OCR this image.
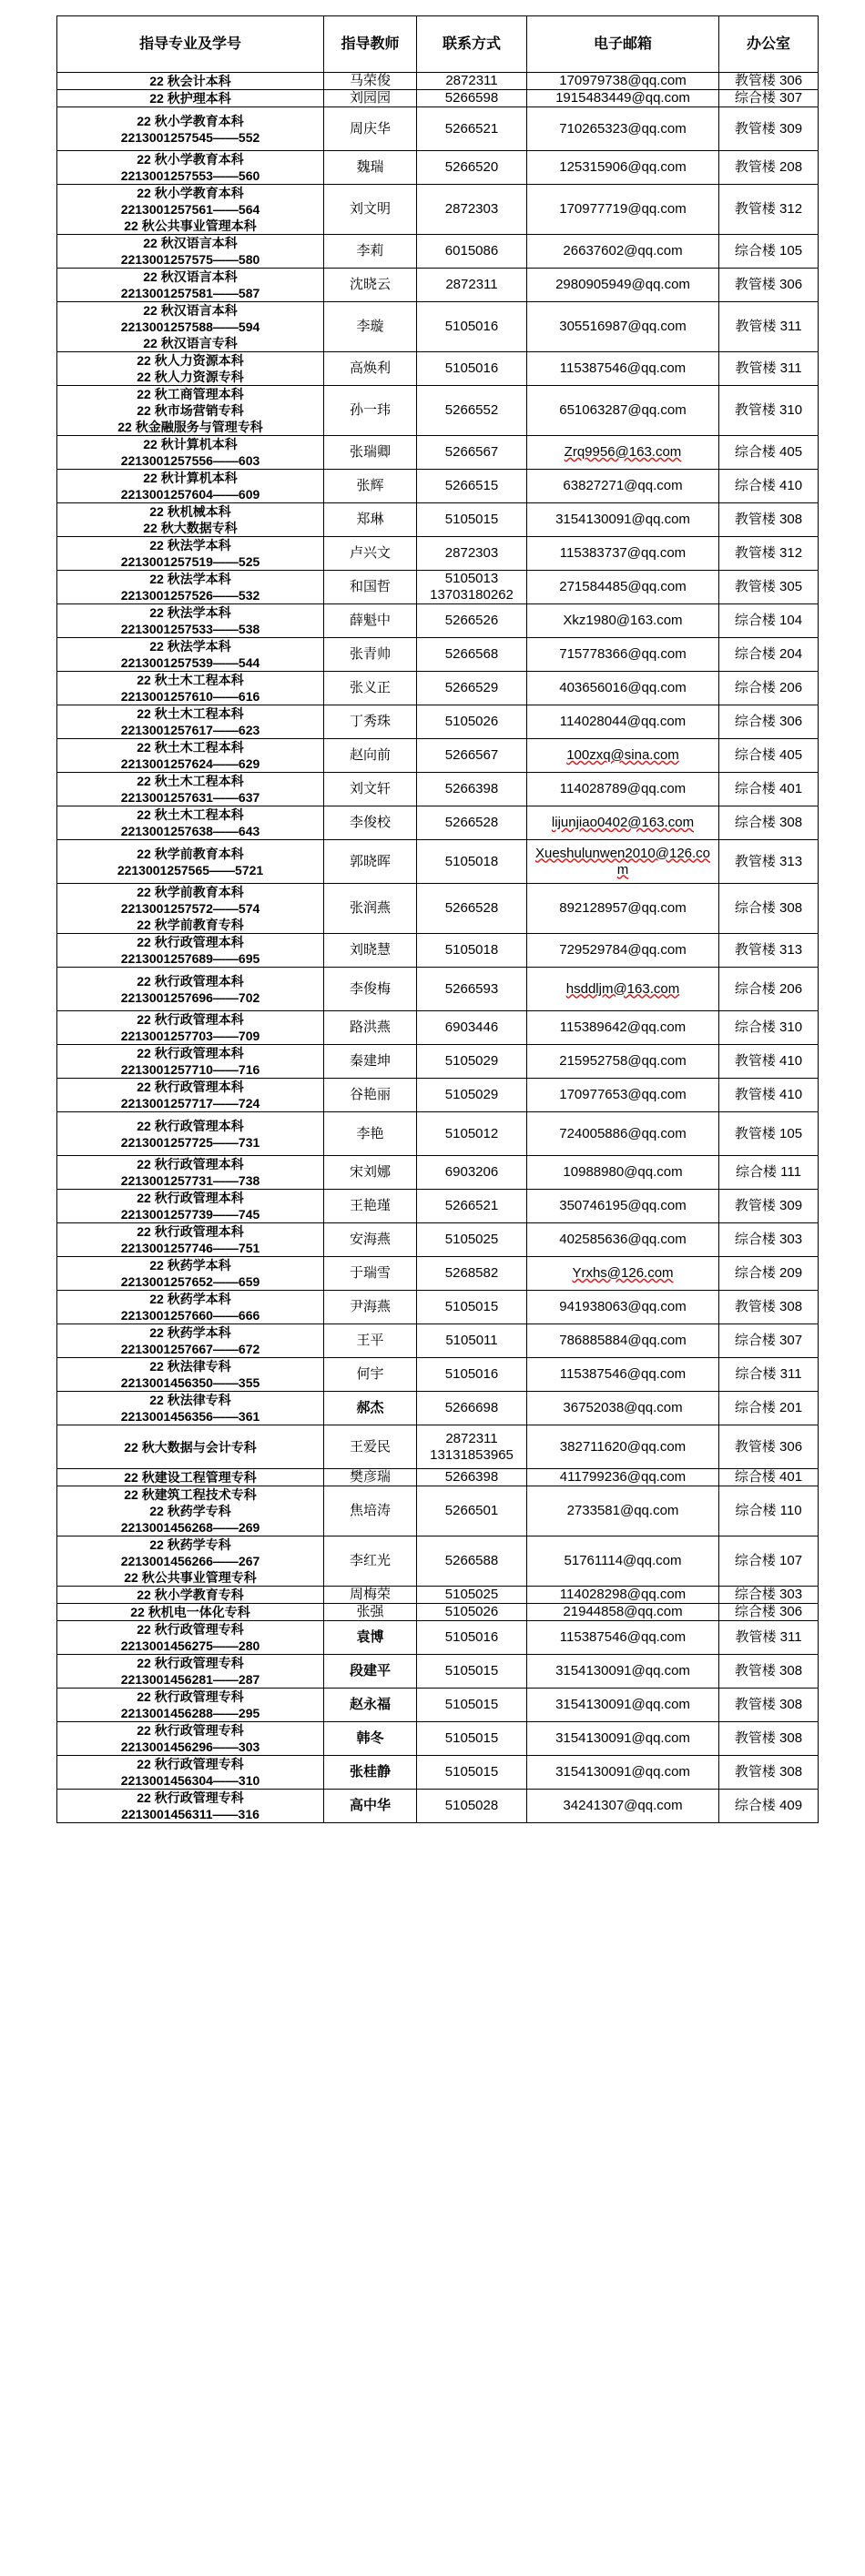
指导专业及学号	指导教师	联系方式	电子邮箱	办公室

22 秋会计本科	马荣俊	2872311	170979738@qq.com	教管楼 306

22 秋护理本科	刘园园	5266598	1915483449@qq.com	综合楼 307

22 秋小学教育本科
2213001257545——552	周庆华	5266521	710265323@qq.com	教管楼 309

22 秋小学教育本科
2213001257553——560	魏瑞	5266520	125315906@qq.com	教管楼 208

22 秋小学教育本科
2213001257561——564
22 秋公共事业管理本科	刘文明	2872303	170977719@qq.com	教管楼 312

22 秋汉语言本科
2213001257575——580	李莉	6015086	26637602@qq.com	综合楼 105

22 秋汉语言本科
2213001257581——587	沈晓云	2872311	2980905949@qq.com	教管楼 306

22 秋汉语言本科
2213001257588——594
22 秋汉语言专科	李璇	5105016	305516987@qq.com	教管楼 311

22 秋人力资源本科
22 秋人力资源专科	高焕利	5105016	115387546@qq.com	教管楼 311

22 秋工商管理本科
22 秋市场营销专科
22 秋金融服务与管理专科	孙一玮	5266552	651063287@qq.com	教管楼 310

22 秋计算机本科
2213001257556——603	张瑞卿	5266567	Zrq9956@163.com	综合楼 405

22 秋计算机本科
2213001257604——609	张辉	5266515	63827271@qq.com	综合楼 410

22 秋机械本科
22 秋大数据专科	郑琳	5105015	3154130091@qq.com	教管楼 308

22 秋法学本科
2213001257519——525	卢兴文	2872303	115383737@qq.com	教管楼 312

22 秋法学本科
2213001257526——532	和国哲	5105013
13703180262	271584485@qq.com	教管楼 305

22 秋法学本科
2213001257533——538	薛魁中	5266526	Xkz1980@163.com	综合楼 104

22 秋法学本科
2213001257539——544	张青帅	5266568	715778366@qq.com	综合楼 204

22 秋土木工程本科
2213001257610——616	张义正	5266529	403656016@qq.com	综合楼 206

22 秋土木工程本科
2213001257617——623	丁秀珠	5105026	114028044@qq.com	综合楼 306

22 秋土木工程本科
2213001257624——629	赵向前	5266567	100zxq@sina.com	综合楼 405

22 秋土木工程本科
2213001257631——637	刘文轩	5266398	114028789@qq.com	综合楼 401

22 秋土木工程本科
2213001257638——643	李俊校	5266528	lijunjiao0402@163.com	综合楼 308

22 秋学前教育本科
2213001257565——5721	郭晓晖	5105018	Xueshulunwen2010@126.com	教管楼 313

22 秋学前教育本科
2213001257572——574
22 秋学前教育专科	张润燕	5266528	892128957@qq.com	综合楼 308

22 秋行政管理本科
2213001257689——695	刘晓慧	5105018	729529784@qq.com	教管楼 313

22 秋行政管理本科
2213001257696——702	李俊梅	5266593	hsddljm@163.com	综合楼 206

22 秋行政管理本科
2213001257703——709	路洪燕	6903446	115389642@qq.com	综合楼 310

22 秋行政管理本科
2213001257710——716	秦建坤	5105029	215952758@qq.com	教管楼 410

22 秋行政管理本科
2213001257717——724	谷艳丽	5105029	170977653@qq.com	教管楼 410

22 秋行政管理本科
2213001257725——731	李艳	5105012	724005886@qq.com	教管楼 105

22 秋行政管理本科
2213001257731——738	宋刘娜	6903206	10988980@qq.com	综合楼 111

22 秋行政管理本科
2213001257739——745	王艳瑾	5266521	350746195@qq.com	教管楼 309

22 秋行政管理本科
2213001257746——751	安海燕	5105025	402585636@qq.com	综合楼 303

22 秋药学本科
2213001257652——659	于瑞雪	5268582	Yrxhs@126.com	综合楼 209

22 秋药学本科
2213001257660——666	尹海燕	5105015	941938063@qq.com	教管楼 308

22 秋药学本科
2213001257667——672	王平	5105011	786885884@qq.com	综合楼 307

22 秋法律专科
2213001456350——355	何宇	5105016	115387546@qq.com	综合楼 311

22 秋法律专科
2213001456356——361	郝杰	5266698	36752038@qq.com	综合楼 201

22 秋大数据与会计专科	王爱民	2872311
13131853965	382711620@qq.com	教管楼 306

22 秋建设工程管理专科	樊彦瑞	5266398	411799236@qq.com	综合楼 401

22 秋建筑工程技术专科
22 秋药学专科
2213001456268——269	焦培涛	5266501	2733581@qq.com	综合楼 110

22 秋药学专科
2213001456266——267
22 秋公共事业管理专科	李红光	5266588	51761114@qq.com	综合楼 107

22 秋小学教育专科	周梅荣	5105025	114028298@qq.com	综合楼 303

22 秋机电一体化专科	张强	5105026	21944858@qq.com	综合楼 306

22 秋行政管理专科
2213001456275——280	袁博	5105016	115387546@qq.com	教管楼 311

22 秋行政管理专科
2213001456281——287	段建平	5105015	3154130091@qq.com	教管楼 308

22 秋行政管理专科
2213001456288——295	赵永福	5105015	3154130091@qq.com	教管楼 308

22 秋行政管理专科
2213001456296——303	韩冬	5105015	3154130091@qq.com	教管楼 308

22 秋行政管理专科
2213001456304——310	张桂静	5105015	3154130091@qq.com	教管楼 308

22 秋行政管理专科
2213001456311——316	高中华	5105028	34241307@qq.com	综合楼 409
